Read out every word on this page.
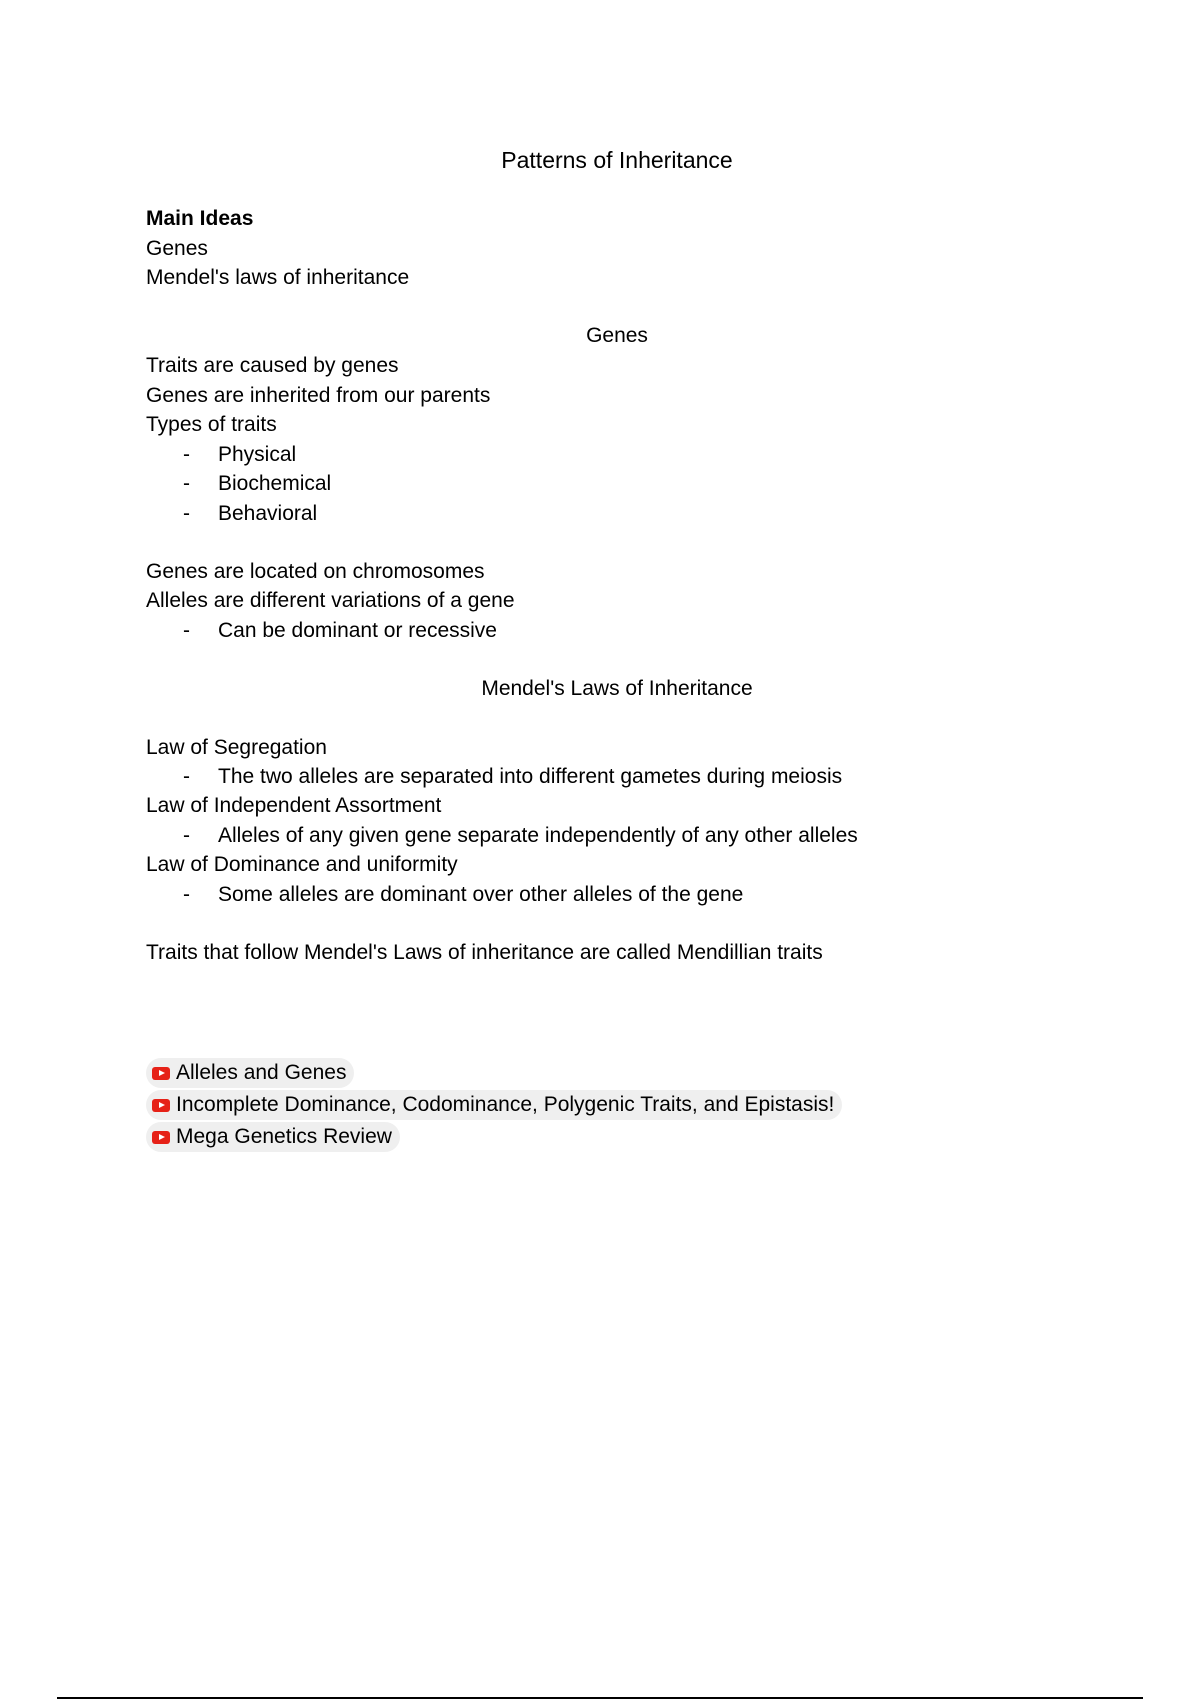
Patterns of Inheritance
Main Ideas
Genes
Mendel's laws of inheritance
Genes
Traits are caused by genes
Genes are inherited from our parents
Types of traits
- Physical
- Biochemical
- Behavioral
Genes are located on chromosomes
Alleles are different variations of a gene
- Can be dominant or recessive
Mendel's Laws of Inheritance
Law of Segregation
- The two alleles are separated into different gametes during meiosis
Law of Independent Assortment
- Alleles of any given gene separate independently of any other alleles
Law of Dominance and uniformity
- Some alleles are dominant over other alleles of the gene
Traits that follow Mendel's Laws of inheritance are called Mendillian traits
Alleles and Genes
Incomplete Dominance, Codominance, Polygenic Traits, and Epistasis!
Mega Genetics Review
